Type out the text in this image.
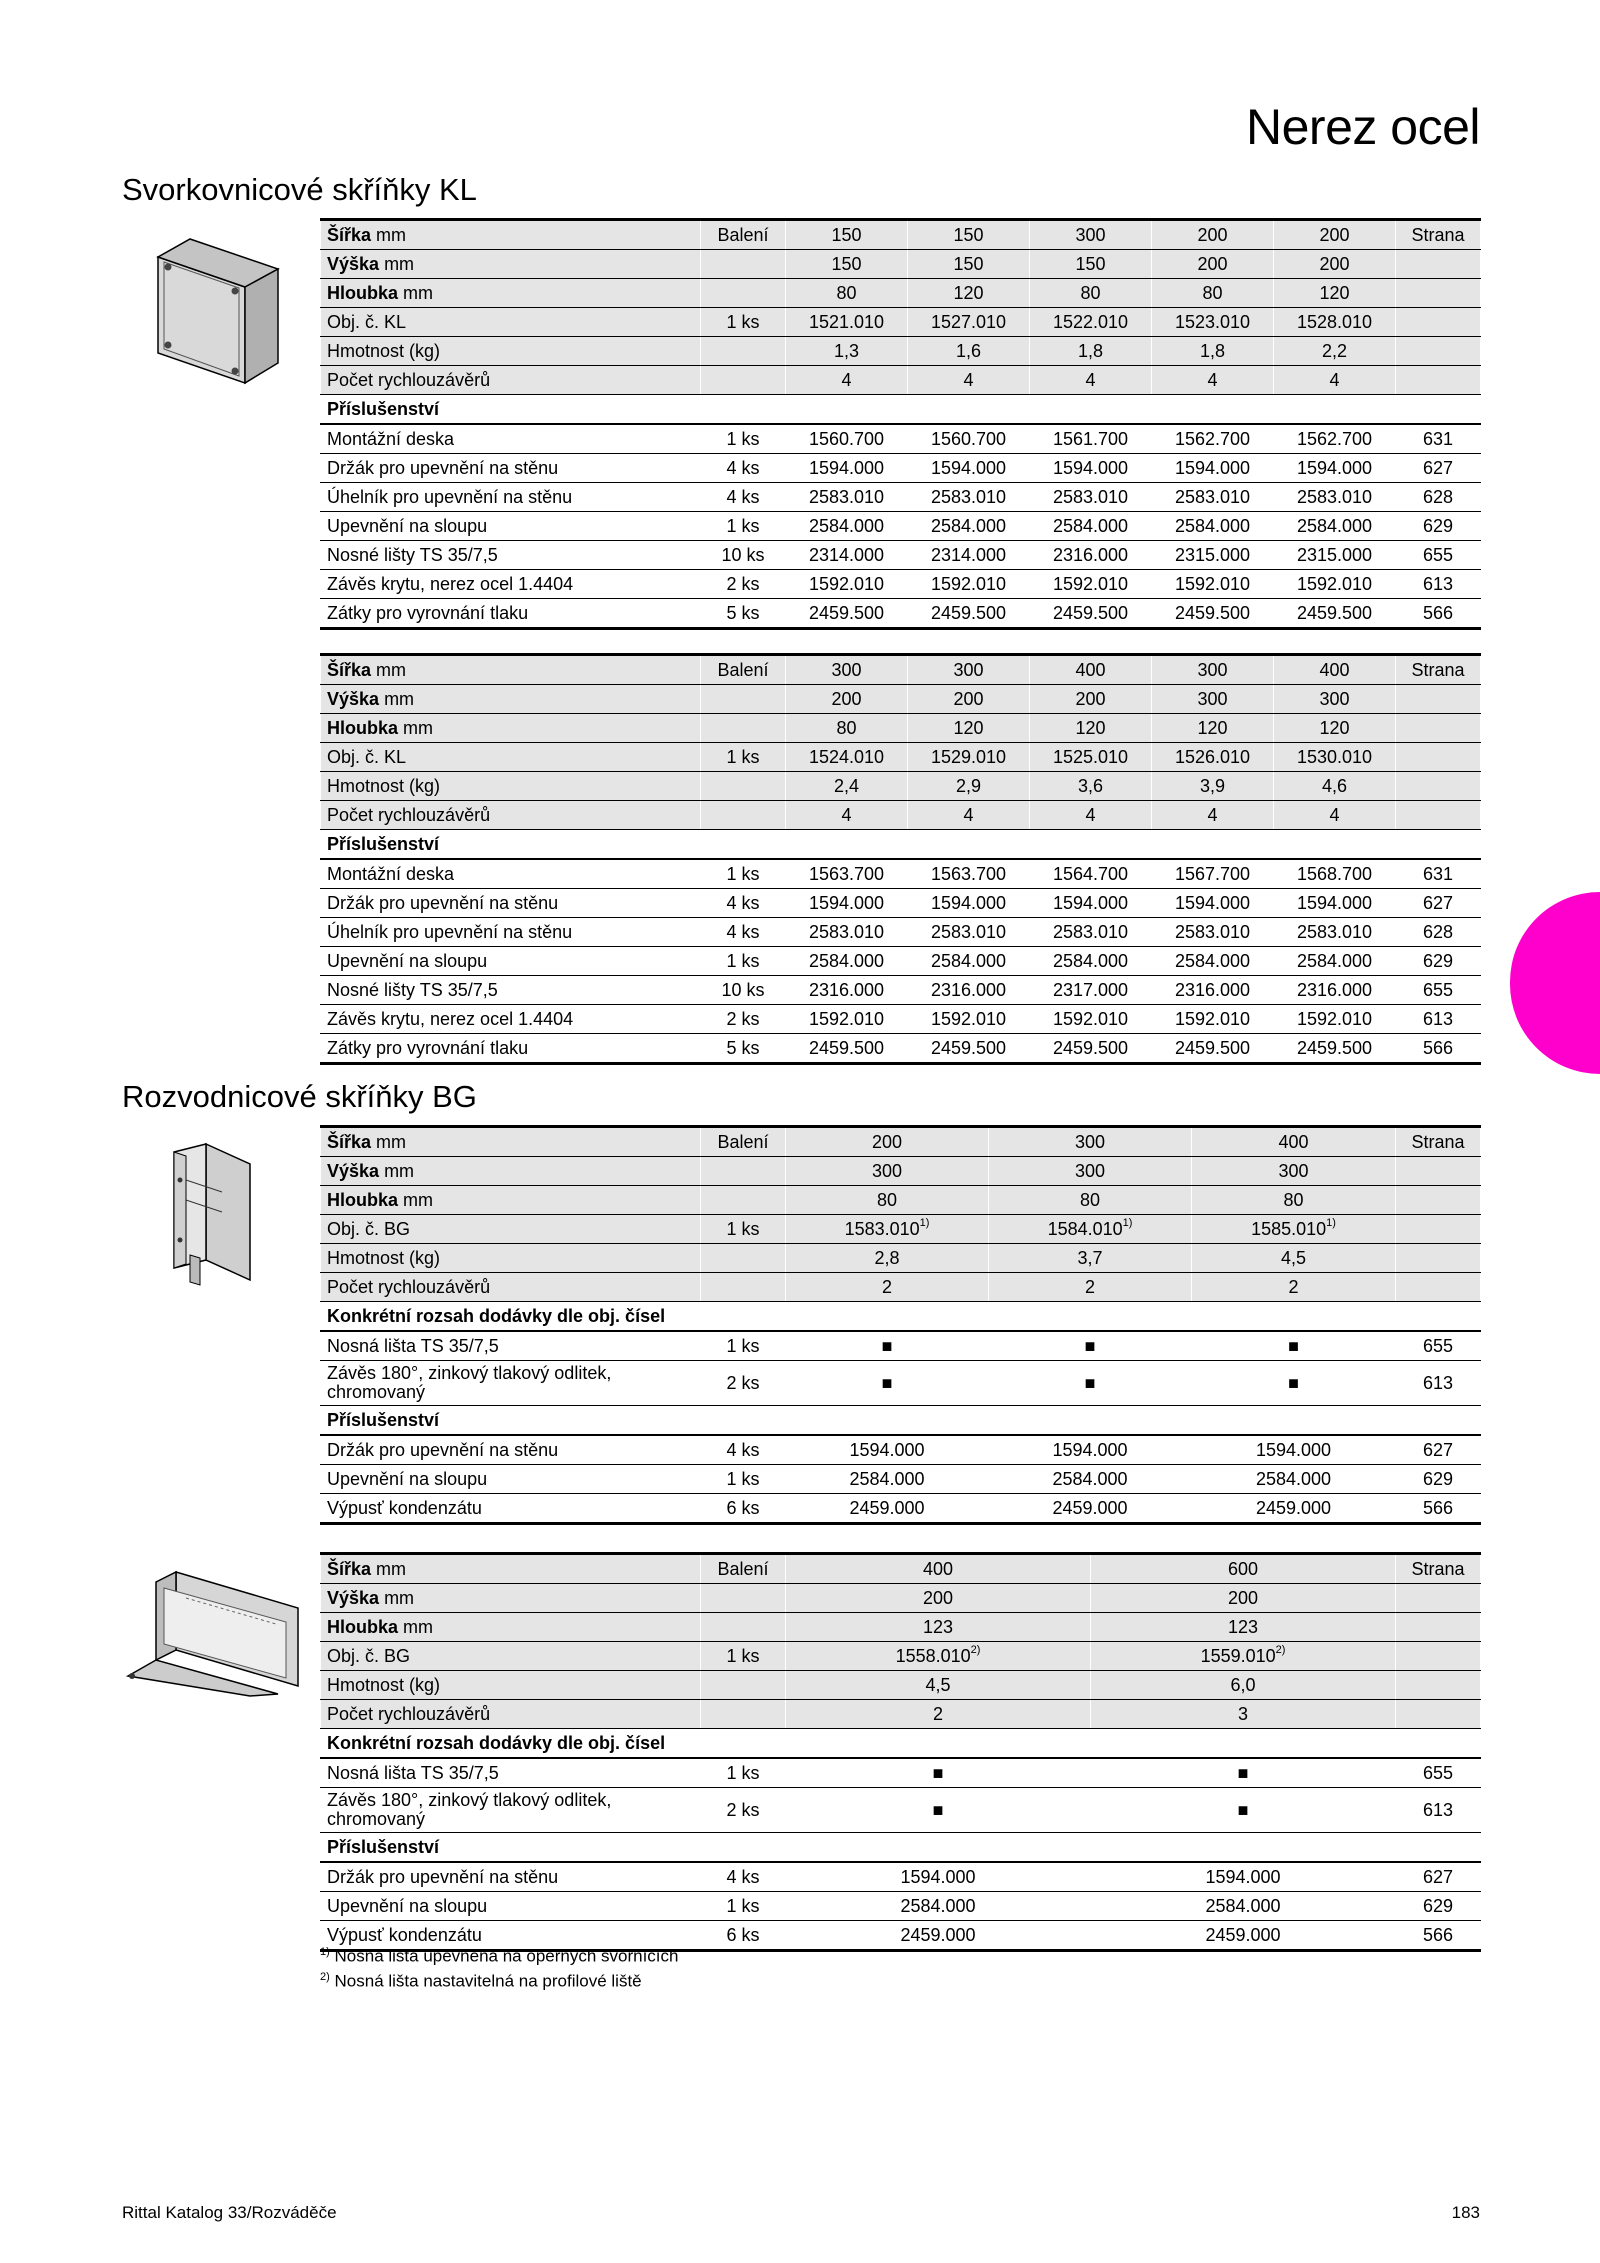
Nerez ocel
Svorkovnicové skříňky KL
Rozvodnicové skříňky BG
Šířka mm	Balení	150	150	300	200	200	Strana
Výška mm		150	150	150	200	200	
Hloubka mm		80	120	80	80	120	
Obj. č. KL	1 ks	1521.010	1527.010	1522.010	1523.010	1528.010	
Hmotnost (kg)		1,3	1,6	1,8	1,8	2,2	
Počet rychlouzávěrů		4	4	4	4	4	
Příslušenství							
Montážní deska	1 ks	1560.700	1560.700	1561.700	1562.700	1562.700	631
Držák pro upevnění na stěnu	4 ks	1594.000	1594.000	1594.000	1594.000	1594.000	627
Úhelník pro upevnění na stěnu	4 ks	2583.010	2583.010	2583.010	2583.010	2583.010	628
Upevnění na sloupu	1 ks	2584.000	2584.000	2584.000	2584.000	2584.000	629
Nosné lišty TS 35/7,5	10 ks	2314.000	2314.000	2316.000	2315.000	2315.000	655
Závěs krytu, nerez ocel 1.4404	2 ks	1592.010	1592.010	1592.010	1592.010	1592.010	613
Zátky pro vyrovnání tlaku	5 ks	2459.500	2459.500	2459.500	2459.500	2459.500	566
Šířka mm	Balení	300	300	400	300	400	Strana
Výška mm		200	200	200	300	300	
Hloubka mm		80	120	120	120	120	
Obj. č. KL	1 ks	1524.010	1529.010	1525.010	1526.010	1530.010	
Hmotnost (kg)		2,4	2,9	3,6	3,9	4,6	
Počet rychlouzávěrů		4	4	4	4	4	
Příslušenství							
Montážní deska	1 ks	1563.700	1563.700	1564.700	1567.700	1568.700	631
Držák pro upevnění na stěnu	4 ks	1594.000	1594.000	1594.000	1594.000	1594.000	627
Úhelník pro upevnění na stěnu	4 ks	2583.010	2583.010	2583.010	2583.010	2583.010	628
Upevnění na sloupu	1 ks	2584.000	2584.000	2584.000	2584.000	2584.000	629
Nosné lišty TS 35/7,5	10 ks	2316.000	2316.000	2317.000	2316.000	2316.000	655
Závěs krytu, nerez ocel 1.4404	2 ks	1592.010	1592.010	1592.010	1592.010	1592.010	613
Zátky pro vyrovnání tlaku	5 ks	2459.500	2459.500	2459.500	2459.500	2459.500	566
Šířka mm	Balení	200	300	400	Strana
Výška mm		300	300	300	
Hloubka mm		80	80	80	
Obj. č. BG	1 ks	1583.010$^{1)}$	1584.010$^{1)}$	1585.010$^{1)}$	
Hmotnost (kg)		2,8	3,7	4,5	
Počet rychlouzávěrů		2	2	2	
Konkrétní rozsah dodávky dle obj. čísel					
Nosná lišta TS 35/7,5	1 ks	■	■	■	655
Závěs 180°, zinkový tlakový odlitek, chromovaný	2 ks	■	■	■	613
Příslušenství					
Držák pro upevnění na stěnu	4 ks	1594.000	1594.000	1594.000	627
Upevnění na sloupu	1 ks	2584.000	2584.000	2584.000	629
Výpusť kondenzátu	6 ks	2459.000	2459.000	2459.000	566
Šířka mm	Balení	400	600	Strana
Výška mm		200	200	
Hloubka mm		123	123	
Obj. č. BG	1 ks	1558.010$^{2)}$	1559.010$^{2)}$	
Hmotnost (kg)		4,5	6,0	
Počet rychlouzávěrů		2	3	
Konkrétní rozsah dodávky dle obj. čísel				
Nosná lišta TS 35/7,5	1 ks	■	■	655
Závěs 180°, zinkový tlakový odlitek, chromovaný	2 ks	■	■	613
Příslušenství				
Držák pro upevnění na stěnu	4 ks	1594.000	1594.000	627
Upevnění na sloupu	1 ks	2584.000	2584.000	629
Výpusť kondenzátu	6 ks	2459.000	2459.000	566
$^{1)}$ Nosná lišta upevněná na opěrných svornících
$^{2)}$ Nosná lišta nastavitelná na profilové liště
Rittal Katalog 33/Rozváděče	183
